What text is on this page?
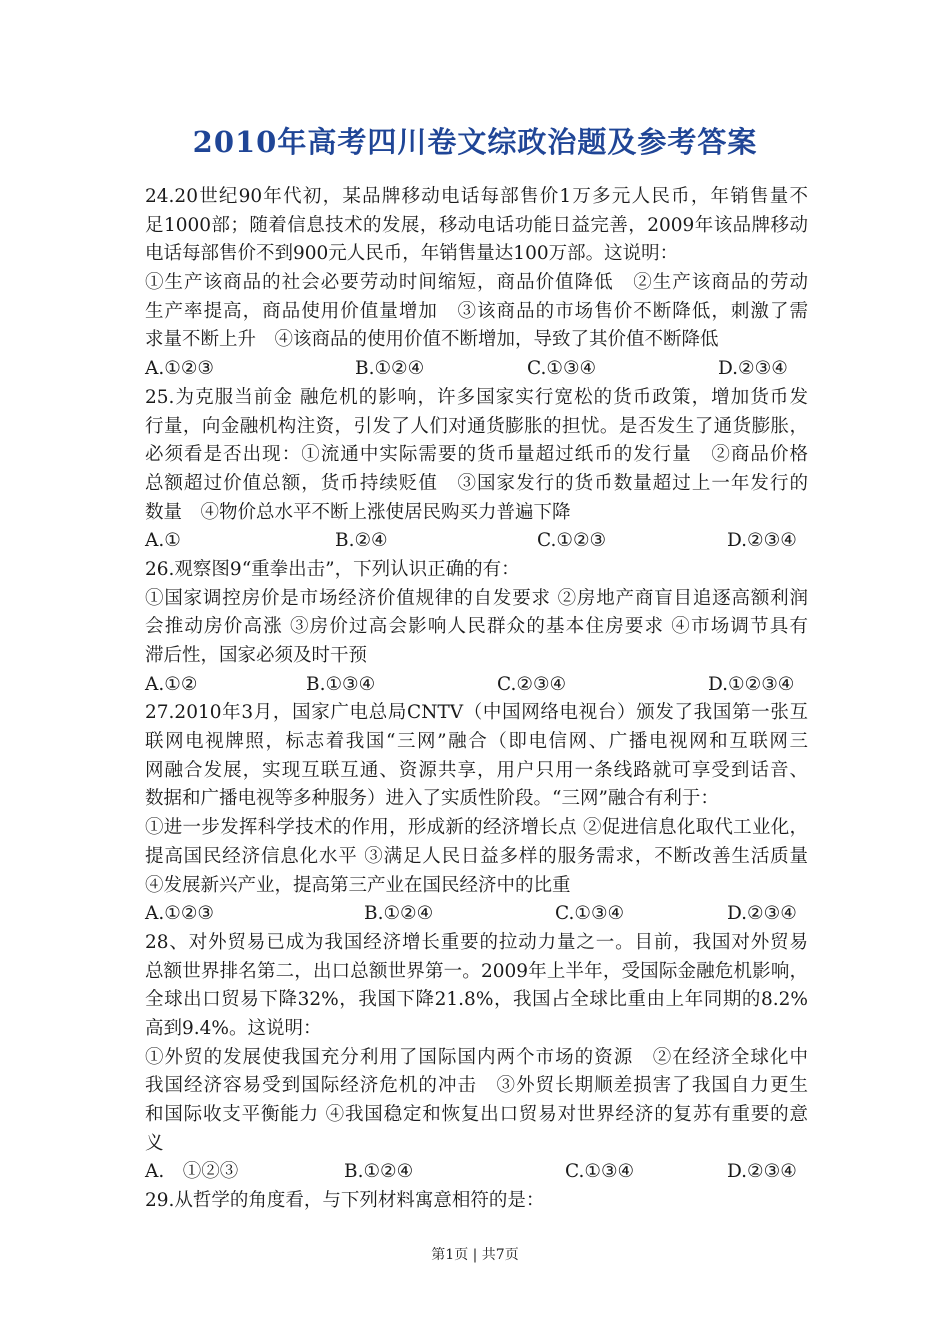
2010年高考四川卷文综政治题及参考答案
24.20世纪90年代初，某品牌移动电话每部售价1万多元人民币，年销售量不
足1000部；随着信息技术的发展，移动电话功能日益完善，2009年该品牌移动
电话每部售价不到900元人民币，年销售量达100万部。这说明：
①生产该商品的社会必要劳动时间缩短，商品价值降低　②生产该商品的劳动
生产率提高，商品使用价值量增加　③该商品的市场售价不断降低，刺激了需
求量不断上升　④该商品的使用价值不断增加，导致了其价值不断降低
A.①②③	B.①②④	C.①③④	D.②③④
25.为克服当前金 融危机的影响，许多国家实行宽松的货币政策，增加货币发
行量，向金融机构注资，引发了人们对通货膨胀的担忧。是否发生了通货膨胀，
必须看是否出现：①流通中实际需要的货币量超过纸币的发行量　②商品价格
总额超过价值总额，货币持续贬值　③国家发行的货币数量超过上一年发行的
数量　④物价总水平不断上涨使居民购买力普遍下降
A.①	B.②④	C.①②③	D.②③④
26.观察图9“重拳出击”，下列认识正确的有：
①国家调控房价是市场经济价值规律的自发要求 ②房地产商盲目追逐高额利润
会推动房价高涨 ③房价过高会影响人民群众的基本住房要求 ④市场调节具有
滞后性，国家必须及时干预
A.①②	B.①③④	C.②③④	D.①②③④
27.2010年3月，国家广电总局CNTV（中国网络电视台）颁发了我国第一张互
联网电视牌照，标志着我国“三网”融合（即电信网、广播电视网和互联网三
网融合发展，实现互联互通、资源共享，用户只用一条线路就可享受到话音、
数据和广播电视等多种服务）进入了实质性阶段。“三网”融合有利于：
①进一步发挥科学技术的作用，形成新的经济增长点 ②促进信息化取代工业化，
提高国民经济信息化水平 ③满足人民日益多样的服务需求，不断改善生活质量
④发展新兴产业，提高第三产业在国民经济中的比重
A.①②③	B.①②④	C.①③④	D.②③④
28、对外贸易已成为我国经济增长重要的拉动力量之一。目前，我国对外贸易
总额世界排名第二，出口总额世界第一。2009年上半年，受国际金融危机影响，
全球出口贸易下降32%，我国下降21.8%，我国占全球比重由上年同期的8.2%
高到9.4%。这说明：
①外贸的发展使我国充分利用了国际国内两个市场的资源　②在经济全球化中
我国经济容易受到国际经济危机的冲击　③外贸长期顺差损害了我国自力更生
和国际收支平衡能力 ④我国稳定和恢复出口贸易对世界经济的复苏有重要的意
义
A.　①②③	B.①②④	C.①③④	D.②③④
29.从哲学的角度看，与下列材料寓意相符的是：
第1页 | 共7页
